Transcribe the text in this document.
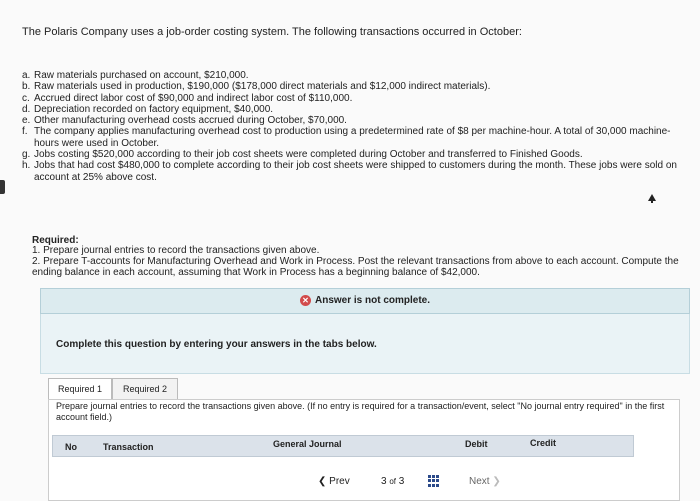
The Polaris Company uses a job-order costing system. The following transactions occurred in October:
a. Raw materials purchased on account, $210,000.
b. Raw materials used in production, $190,000 ($178,000 direct materials and $12,000 indirect materials).
c. Accrued direct labor cost of $90,000 and indirect labor cost of $110,000.
d. Depreciation recorded on factory equipment, $40,000.
e. Other manufacturing overhead costs accrued during October, $70,000.
f. The company applies manufacturing overhead cost to production using a predetermined rate of $8 per machine-hour. A total of 30,000 machine-hours were used in October.
g. Jobs costing $520,000 according to their job cost sheets were completed during October and transferred to Finished Goods.
h. Jobs that had cost $480,000 to complete according to their job cost sheets were shipped to customers during the month. These jobs were sold on account at 25% above cost.
Required:
1. Prepare journal entries to record the transactions given above.
2. Prepare T-accounts for Manufacturing Overhead and Work in Process. Post the relevant transactions from above to each account. Compute the ending balance in each account, assuming that Work in Process has a beginning balance of $42,000.
✕ Answer is not complete.
Complete this question by entering your answers in the tabs below.
Required 1	Required 2
Prepare journal entries to record the transactions given above. (If no entry is required for a transaction/event, select "No journal entry required" in the first account field.)
No	Transaction	General Journal	Debit	Credit
❮ Prev	3 of 3	Next ❯
